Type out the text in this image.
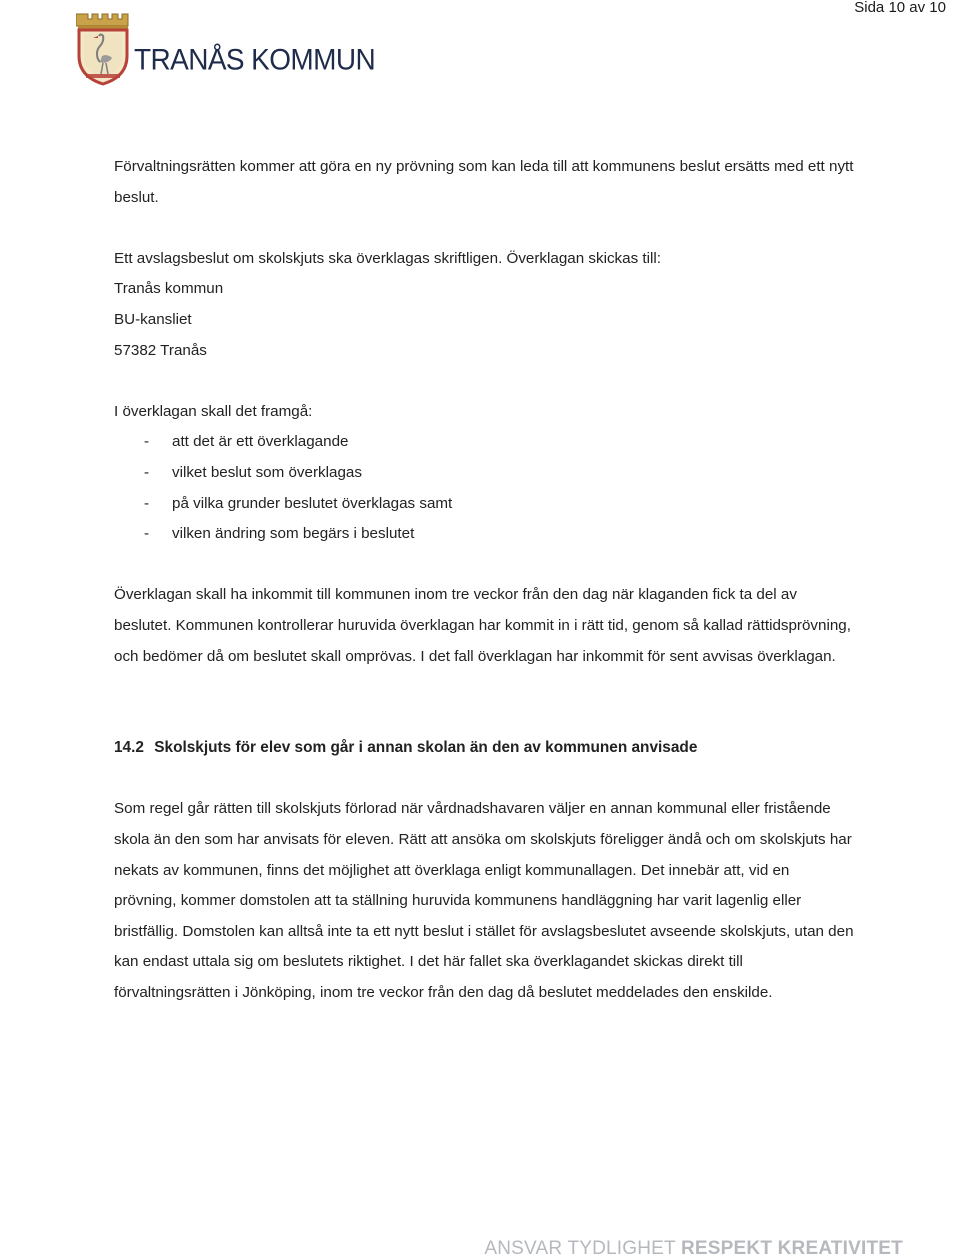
Sida 10 av 10
TRANÅS KOMMUN

Förvaltningsrätten kommer att göra en ny prövning som kan leda till att kommunens beslut ersätts med ett nytt beslut.

Ett avslagsbeslut om skolskjuts ska överklagas skriftligen. Överklagan skickas till:

Tranås kommun

BU-kansliet

57382 Tranås

I överklagan skall det framgå:

- att det är ett överklagande
- vilket beslut som överklagas
- på vilka grunder beslutet överklagas samt
- vilken ändring som begärs i beslutet

Överklagan skall ha inkommit till kommunen inom tre veckor från den dag när klaganden fick ta del av beslutet. Kommunen kontrollerar huruvida överklagan har kommit in i rätt tid, genom så kallad rättidsprövning, och bedömer då om beslutet skall omprövas. I det fall överklagan har inkommit för sent avvisas överklagan.

14.2 Skolskjuts för elev som går i annan skolan än den av kommunen anvisade

Som regel går rätten till skolskjuts förlorad när vårdnadshavaren väljer en annan kommunal eller fristående skola än den som har anvisats för eleven. Rätt att ansöka om skolskjuts föreligger ändå och om skolskjuts har nekats av kommunen, finns det möjlighet att överklaga enligt kommunallagen. Det innebär att, vid en prövning, kommer domstolen att ta ställning huruvida kommunens handläggning har varit lagenlig eller bristfällig. Domstolen kan alltså inte ta ett nytt beslut i stället för avslagsbeslutet avseende skolskjuts, utan den kan endast uttala sig om beslutets riktighet. I det här fallet ska överklagandet skickas direkt till förvaltningsrätten i Jönköping, inom tre veckor från den dag då beslutet meddelades den enskilde.

ANSVAR TYDLIGHET RESPEKT KREATIVITET
